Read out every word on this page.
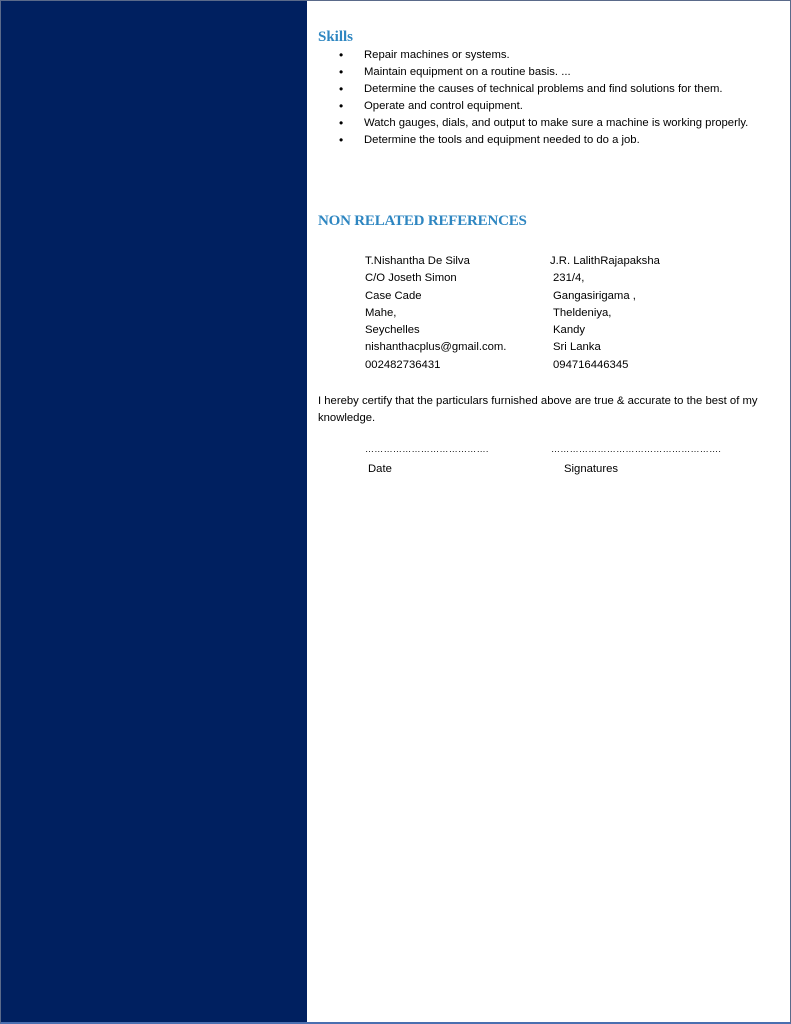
Skills
• Repair machines or systems.
• Maintain equipment on a routine basis. ...
• Determine the causes of technical problems and find solutions for them.
• Operate and control equipment.
• Watch gauges, dials, and output to make sure a machine is working properly.
• Determine the tools and equipment needed to do a job.
NON RELATED REFERENCES
T.Nishantha De Silva
C/O Joseth Simon
Case Cade
Mahe,
Seychelles
nishanthacplus@gmail.com.
002482736431
J.R. LalithRajapaksha
231/4,
Gangasirigama ,
Theldeniya,
Kandy
Sri Lanka
094716446345
I hereby certify that the particulars furnished above are true & accurate to the best of my knowledge.
………………………………….	……………………………………………….
Date	Signatures
